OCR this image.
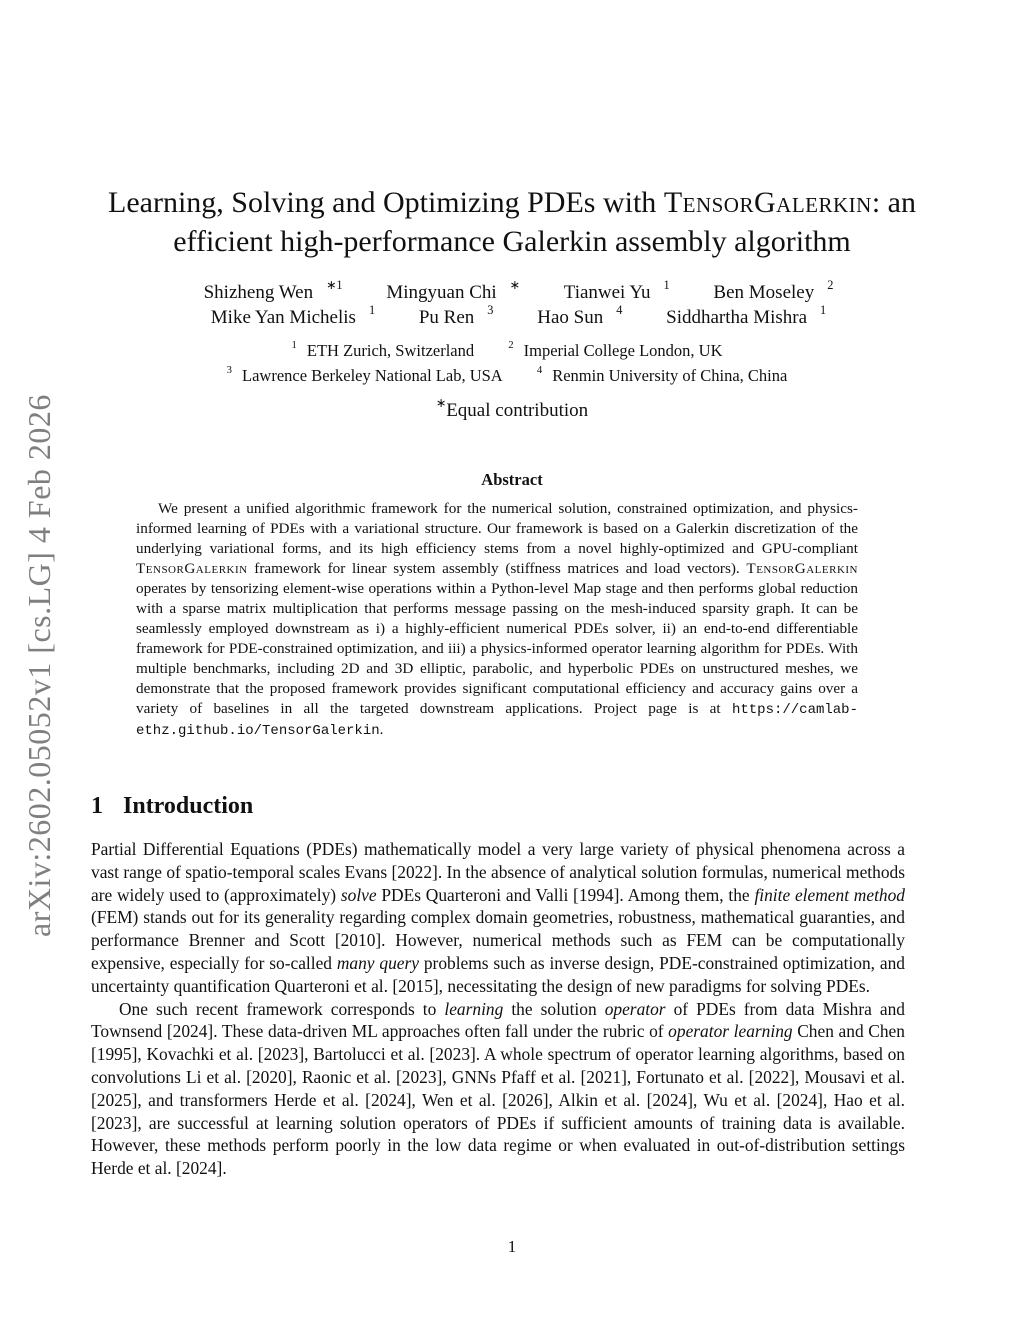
arXiv:2602.05052v1 [cs.LG] 4 Feb 2026
Learning, Solving and Optimizing PDEs with TensorGalerkin: an
efficient high-performance Galerkin assembly algorithm
Shizheng Wen $^{∗1}$ Mingyuan Chi ∗ Tianwei Yu $^1$ Ben Moseley $^2$
Mike Yan Michelis $^1$ Pu Ren $^3$ Hao Sun $^4$ Siddhartha Mishra $^1$
$^1$ ETH Zurich, Switzerland	$^2$ Imperial College London, UK
$^3$ Lawrence Berkeley National Lab, USA	$^4$ Renmin University of China, China
∗Equal contribution
Abstract

We present a unified algorithmic framework for the numerical solution, constrained optimization, and physics-informed learning of PDEs with a variational structure. Our framework is based on a Galerkin discretization of the underlying variational forms, and its high efficiency stems from a novel highly-optimized and GPU-compliant TensorGalerkin framework for linear system assembly (stiffness matrices and load vectors). TensorGalerkin operates by tensorizing element-wise operations within a Python-level Map stage and then performs global reduction with a sparse matrix multiplication that performs message passing on the mesh-induced sparsity graph. It can be seamlessly employed downstream as i) a highly-efficient numerical PDEs solver, ii) an end-to-end differentiable framework for PDE-constrained optimization, and iii) a physics-informed operator learning algorithm for PDEs. With multiple benchmarks, including 2D and 3D elliptic, parabolic, and hyperbolic PDEs on unstructured meshes, we demonstrate that the proposed framework provides significant computational efficiency and accuracy gains over a variety of baselines in all the targeted downstream applications. Project page is at https://camlab-ethz.github.io/TensorGalerkin.

1 Introduction

Partial Differential Equations (PDEs) mathematically model a very large variety of physical phenomena across a vast range of spatio-temporal scales Evans [2022]. In the absence of analytical solution formulas, numerical methods are widely used to (approximately) solve PDEs Quarteroni and Valli [1994]. Among them, the finite element method (FEM) stands out for its generality regarding complex domain geometries, robustness, mathematical guaranties, and performance Brenner and Scott [2010]. However, numerical methods such as FEM can be computationally expensive, especially for so-called many query problems such as inverse design, PDE-constrained optimization, and uncertainty quantification Quarteroni et al. [2015], necessitating the design of new paradigms for solving PDEs.

One such recent framework corresponds to learning the solution operator of PDEs from data Mishra and Townsend [2024]. These data-driven ML approaches often fall under the rubric of operator learning Chen and Chen [1995], Kovachki et al. [2023], Bartolucci et al. [2023]. A whole spectrum of operator learning algorithms, based on convolutions Li et al. [2020], Raonic et al. [2023], GNNs Pfaff et al. [2021], Fortunato et al. [2022], Mousavi et al. [2025], and transformers Herde et al. [2024], Wen et al. [2026], Alkin et al. [2024], Wu et al. [2024], Hao et al. [2023], are successful at learning solution operators of PDEs if sufficient amounts of training data is available. However, these methods perform poorly in the low data regime or when evaluated in out-of-distribution settings Herde et al. [2024].

1
